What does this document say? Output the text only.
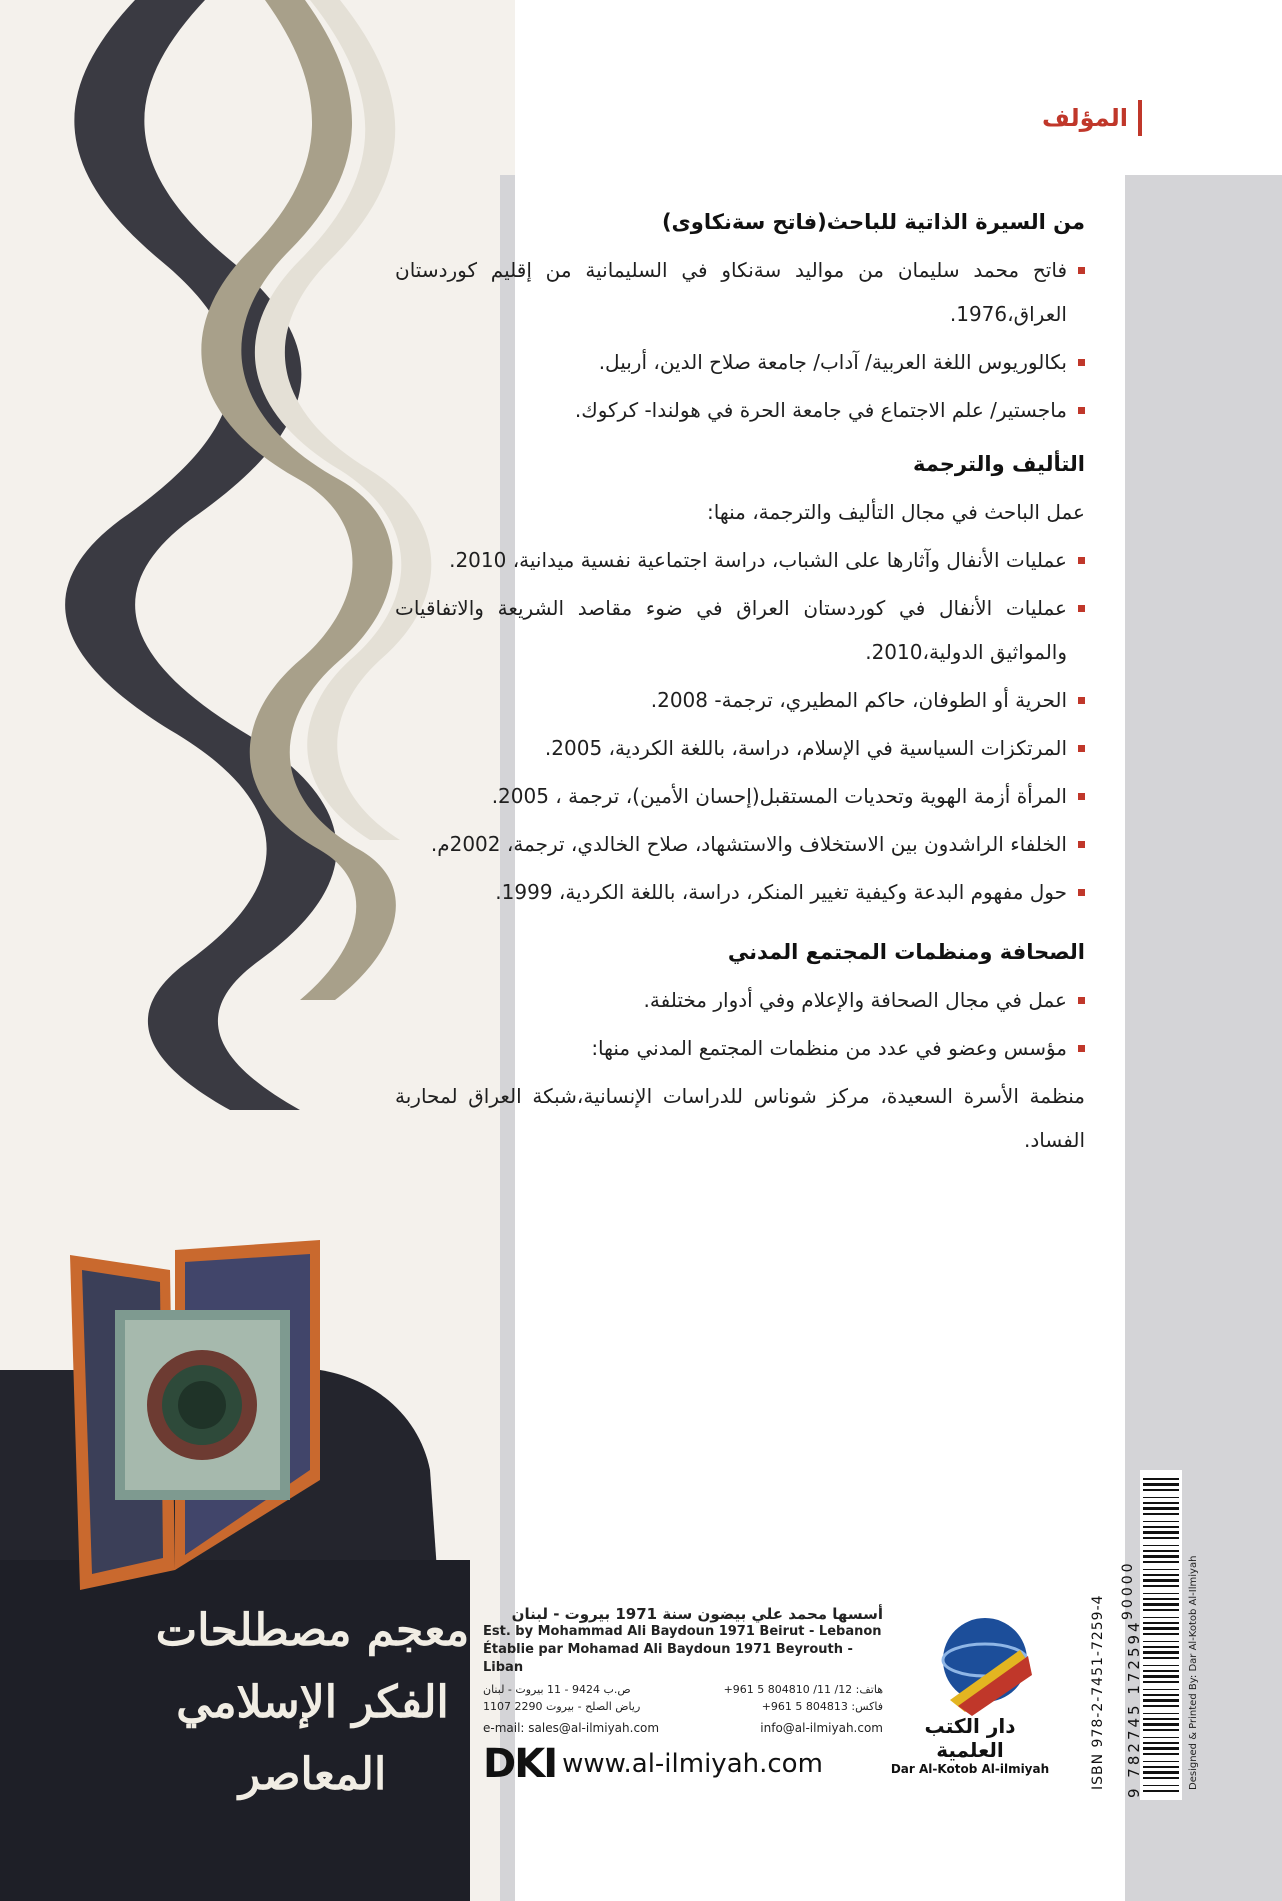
المؤلف
من السيرة الذاتية للباحث(فاتح سةنكاوى)
فاتح محمد سليمان من مواليد سةنكاو في السليمانية من إقليم كوردستان العراق،1976.
بكالوريوس اللغة العربية/ آداب/ جامعة صلاح الدين، أربيل.
ماجستير/ علم الاجتماع في جامعة الحرة في هولندا- كركوك.
التأليف والترجمة
عمل الباحث في مجال التأليف والترجمة، منها:
عمليات الأنفال وآثارها على الشباب، دراسة اجتماعية نفسية ميدانية، 2010.
عمليات الأنفال في كوردستان العراق في ضوء مقاصد الشريعة والاتفاقيات والمواثيق الدولية،2010.
الحرية أو الطوفان، حاكم المطيري، ترجمة- 2008.
المرتكزات السياسية في الإسلام، دراسة، باللغة الكردية، 2005.
المرأة أزمة الهوية وتحديات المستقبل(إحسان الأمين)، ترجمة ، 2005.
الخلفاء الراشدون بين الاستخلاف والاستشهاد، صلاح الخالدي، ترجمة، 2002م.
حول مفهوم البدعة وكيفية تغيير المنكر، دراسة، باللغة الكردية، 1999.
الصحافة ومنظمات المجتمع المدني
عمل في مجال الصحافة والإعلام وفي أدوار مختلفة.
مؤسس وعضو في عدد من منظمات المجتمع المدني منها:
منظمة الأسرة السعيدة، مركز شوناس للدراسات الإنسانية،شبكة العراق لمحاربة الفساد.
معجم مصطلحات
الفكر الإسلامي المعاصر
أسسها محمد علي بيضون سنة 1971 بيروت - لبنان
Est. by Mohammad Ali Baydoun 1971 Beirut - Lebanon
Établie par Mohamad Ali Baydoun 1971 Beyrouth - Liban
هاتف: 12/ 11/ 804810 5 961+
ص.ب 9424 - 11 بيروت - لبنان
فاكس: 804813 5 961+
رياض الصلح - بيروت 2290 1107
e-mail: sales@al-ilmiyah.com	info@al-ilmiyah.com
DKI www.al-ilmiyah.com
دار الكتب العلمية
Dar Al-Kotob Al-ilmiyah
90000
ISBN 978-2-7451-7259-4 9 782745 172594	Designed & Printed By: Dar Al-Kotob Al-Ilmiyah
